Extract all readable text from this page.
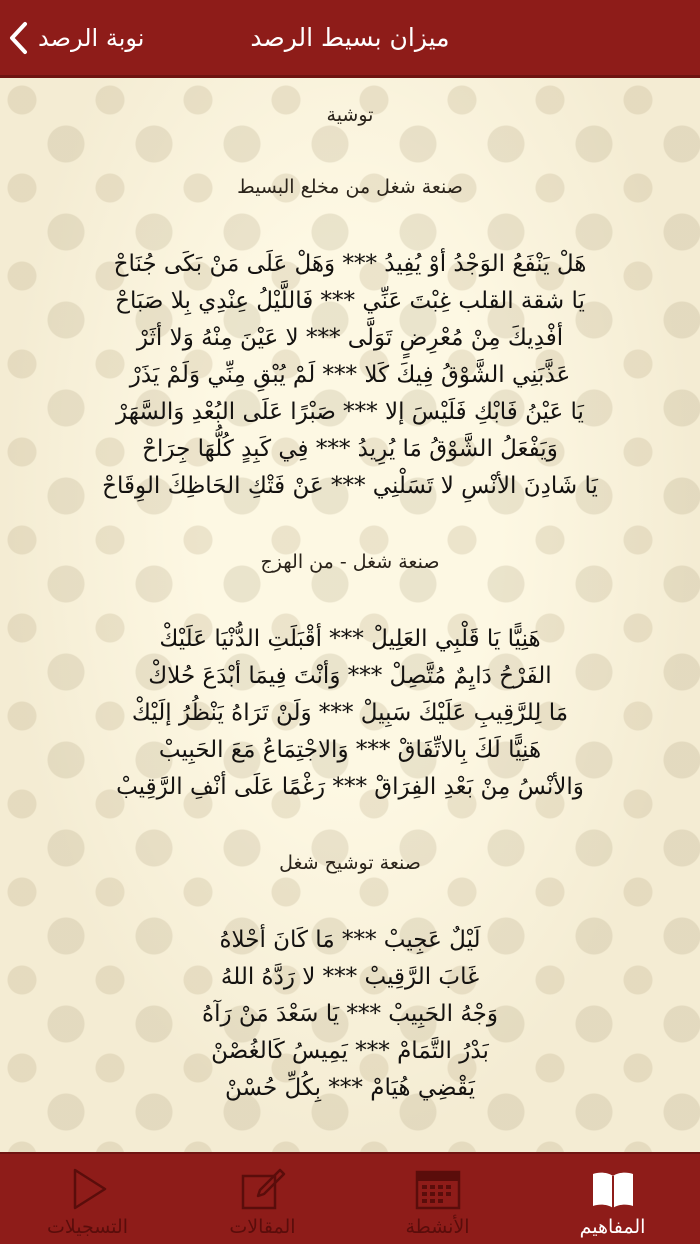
نوبة الرصد	ميزان بسيط الرصد
توشية
صنعة شغل من مخلع البسيط
هَلْ يَنْفَعُ الوَجْدُ أوْ يُفِيدُ *** وَهَلْ عَلَى مَنْ بَكَى جُنَاحْ
يَا شقة القلب غِبْتَ عَنِّي *** فَاللَّيْلُ عِنْدِي بِلا صَبَاحْ
أفْدِيكَ مِنْ مُعْرِضٍ تَوَلَّى *** لا عَيْنَ مِنْهُ وَلا أثَرْ
عَذَّبَنِي الشَّوْقُ فِيكَ كَلا *** لَمْ يُبْقِ مِنِّي وَلَمْ يَذَرْ
يَا عَيْنُ فَابْكِ فَلَيْسَ إلا *** صَبْرًا عَلَى البُعْدِ وَالسَّهَرْ
وَيَفْعَلُ الشَّوْقُ مَا يُرِيدُ *** فِي كَبِدٍ كُلُّهَا جِرَاحْ
يَا شَادِنَ الأنْسِ لا تَسَلْنِي *** عَنْ فَتْكِ الحَاظِكَ الوِقَاحْ
صنعة شغل - من الهزج
هَنِيًّا يَا قَلْبِي العَلِيلْ *** أقْبَلَتِ الدُّنْيَا عَلَيْكْ
الفَرْحُ دَايِمٌ مُتَّصِلْ *** وَأنْتَ فِيمَا أبْدَعَ حُلاكْ
مَا لِلرَّقِيبِ عَلَيْكَ سَبِيلْ *** وَلَنْ تَرَاهُ يَنْظُرُ إلَيْكْ
هَنِيًّا لَكَ بِالاتِّفَاقْ *** وَالاجْتِمَاعُ مَعَ الحَبِيبْ
وَالأنْسُ مِنْ بَعْدِ الفِرَاقْ *** رَغْمًا عَلَى أنْفِ الرَّقِيبْ
صنعة توشيح شغل
لَيْلٌ عَجِيبْ *** مَا كَانَ أحْلاهُ
غَابَ الرَّقِيبْ *** لا رَدَّهُ اللهُ
وَجْهُ الحَبِيبْ *** يَا سَعْدَ مَنْ رَآهُ
بَدْرُ التَّمَامْ *** يَمِيسُ كَالغُصْنْ
يَقْضِي هُيَامْ *** بِكُلِّ حُسْنْ
المفاهيم
الأنشطة
المقالات
التسجيلات
